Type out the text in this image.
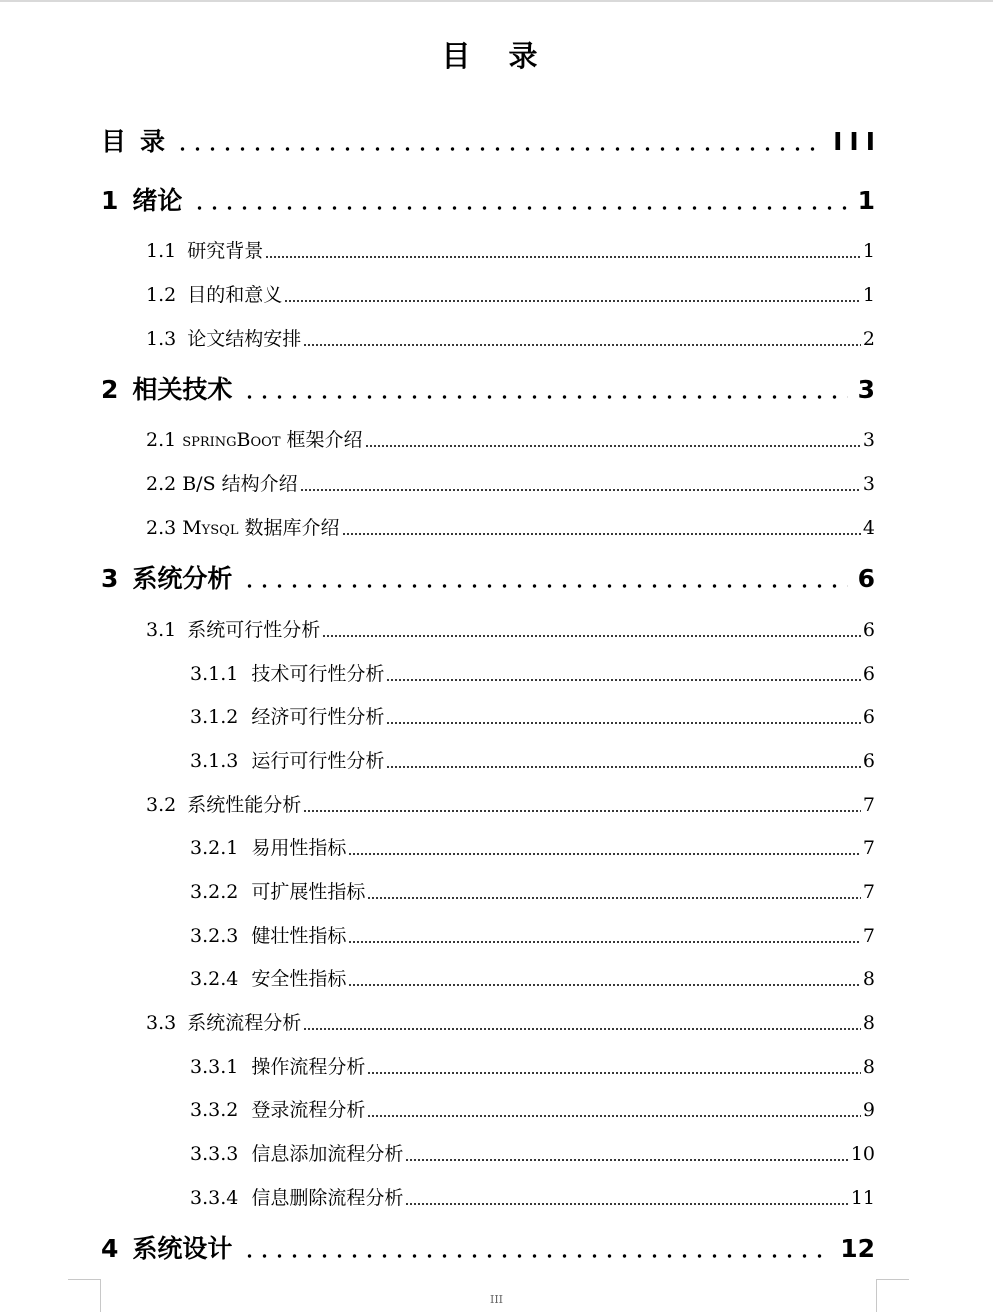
目 录
目 录	III
1 绪论	1
1.1 研究背景	1
1.2 目的和意义	1
1.3 论文结构安排	2
2 相关技术	3
2.1 springBoot 框架介绍	3
2.2 B/S 结构介绍	3
2.3 Mysql 数据库介绍	4
3 系统分析	6
3.1 系统可行性分析	6
3.1.1 技术可行性分析	6
3.1.2 经济可行性分析	6
3.1.3 运行可行性分析	6
3.2 系统性能分析	7
3.2.1 易用性指标	7
3.2.2 可扩展性指标	7
3.2.3 健壮性指标	7
3.2.4 安全性指标	8
3.3 系统流程分析	8
3.3.1 操作流程分析	8
3.3.2 登录流程分析	9
3.3.3 信息添加流程分析	10
3.3.4 信息删除流程分析	11
4 系统设计	12
III
